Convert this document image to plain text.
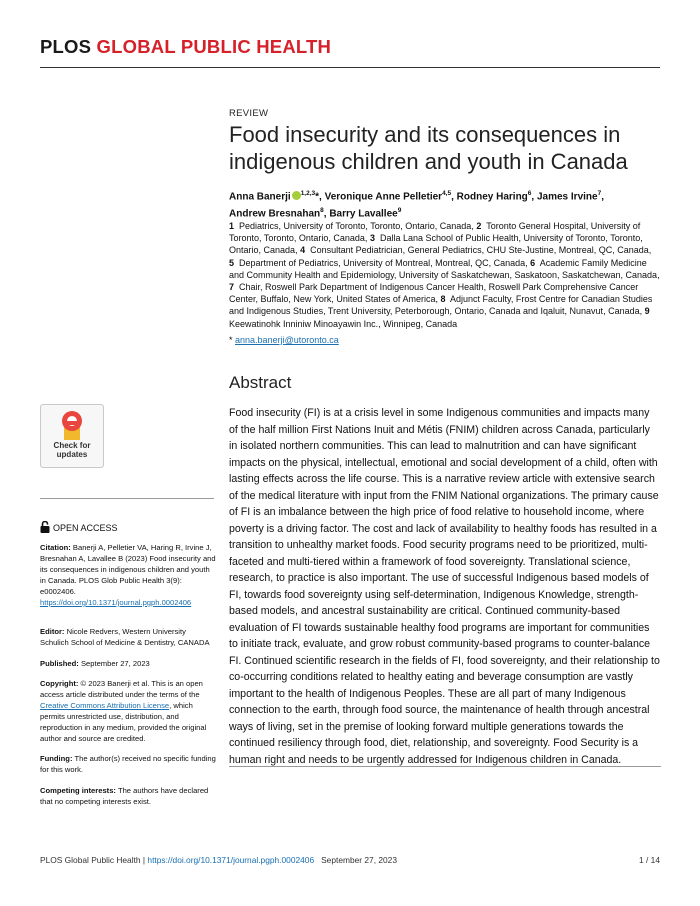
PLOS GLOBAL PUBLIC HEALTH
REVIEW
Food insecurity and its consequences in indigenous children and youth in Canada
Anna Banerji $^{1,2,3}$*, Veronique Anne Pelletier$^{4,5}$, Rodney Haring$^6$, James Irvine$^7$,
Andrew Bresnahan$^8$, Barry Lavallee$^9$
1 Pediatrics, University of Toronto, Toronto, Ontario, Canada, 2 Toronto General Hospital, University of Toronto, Toronto, Ontario, Canada, 3 Dalla Lana School of Public Health, University of Toronto, Toronto, Ontario, Canada, 4 Consultant Pediatrician, General Pediatrics, CHU Ste-Justine, Montreal, QC, Canada, 5 Department of Pediatrics, University of Montreal, Montreal, QC, Canada, 6 Academic Family Medicine and Community Health and Epidemiology, University of Saskatchewan, Saskatoon, Saskatchewan, Canada, 7 Chair, Roswell Park Department of Indigenous Cancer Health, Roswell Park Comprehensive Cancer Center, Buffalo, New York, United States of America, 8 Adjunct Faculty, Frost Centre for Canadian Studies and Indigenous Studies, Trent University, Peterborough, Ontario, Canada and Iqaluit, Nunavut, Canada, 9  Keewatinohk Inniniw Minoayawin Inc., Winnipeg, Canada
* anna.banerji@utoronto.ca
Abstract
Food insecurity (FI) is at a crisis level in some Indigenous communities and impacts many of the half million First Nations Inuit and Métis (FNIM) children across Canada, particularly in isolated northern communities. This can lead to malnutrition and can have significant impacts on the physical, intellectual, emotional and social development of a child, often with lasting effects across the life course. This is a narrative review article with extensive search of the medical literature with input from the FNIM National organizations. The primary cause of FI is an imbalance between the high price of food relative to household income, where poverty is a driving factor. The cost and lack of availability to healthy foods has resulted in a transition to unhealthy market foods. Food security programs need to be prioritized, multi-faceted and multi-tiered within a framework of food sovereignty. Translational science, research, to practice is also important. The use of successful Indigenous based models of FI, towards food sovereignty using self-determination, Indigenous Knowledge, strength-based models, and ancestral sustainability are critical. Continued community-based evaluation of FI towards sustainable healthy food programs are important for communities to initiate track, evaluate, and grow robust community-based programs to counter-balance FI. Continued scientific research in the fields of FI, food sovereignty, and their relationship to co-occurring conditions related to healthy eating and beverage consumption are vastly important to the health of Indigenous Peoples. These are all part of many Indigenous connection to the earth, through food source, the maintenance of health through ancestral ways of living, set in the premise of looking forward multiple generations towards the continued resiliency through food, diet, relationship, and sovereignty. Food Security is a human right and needs to be urgently addressed for Indigenous children in Canada.
Check for
updates
OPEN ACCESS
Citation: Banerji A, Pelletier VA, Haring R, Irvine J, Bresnahan A, Lavallee B (2023) Food insecurity and its consequences in indigenous children and youth in Canada. PLOS Glob Public Health 3(9): e0002406. https://doi.org/10.1371/journal.pgph.0002406
Editor: Nicole Redvers, Western University Schulich School of Medicine & Dentistry, CANADA
Published: September 27, 2023
Copyright: © 2023 Banerji et al. This is an open access article distributed under the terms of the Creative Commons Attribution License, which permits unrestricted use, distribution, and reproduction in any medium, provided the original author and source are credited.
Funding: The author(s) received no specific funding for this work.
Competing interests: The authors have declared that no competing interests exist.
PLOS Global Public Health | https://doi.org/10.1371/journal.pgph.0002406 September 27, 2023	1 / 14
